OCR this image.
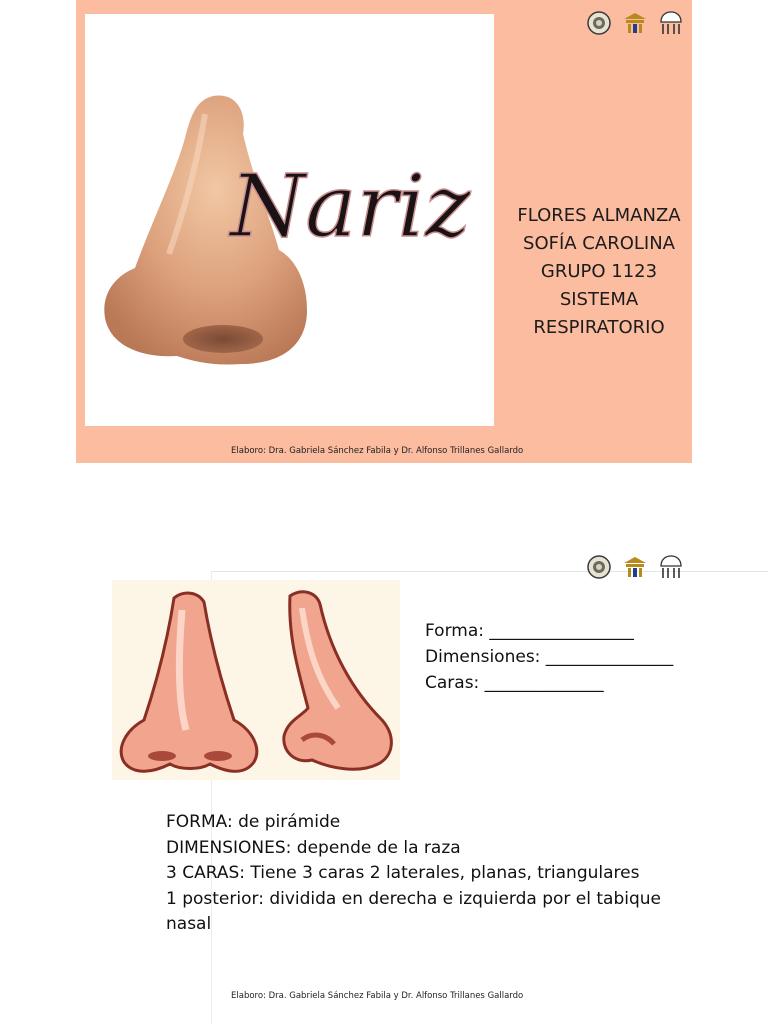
Nariz	FLORES ALMANZA
SOFÍA CAROLINA
GRUPO 1123
SISTEMA
RESPIRATORIO
Elaboro: Dra. Gabriela Sánchez Fabila y Dr. Alfonso Trillanes Gallardo
Forma: _________________
Dimensiones: _______________
Caras: ______________
FORMA: de pirámide
DIMENSIONES: depende de la raza
3 CARAS: Tiene 3 caras 2 laterales, planas, triangulares
1 posterior: dividida en derecha e izquierda por el tabique nasal
Elaboro: Dra. Gabriela Sánchez Fabila y Dr. Alfonso Trillanes Gallardo
